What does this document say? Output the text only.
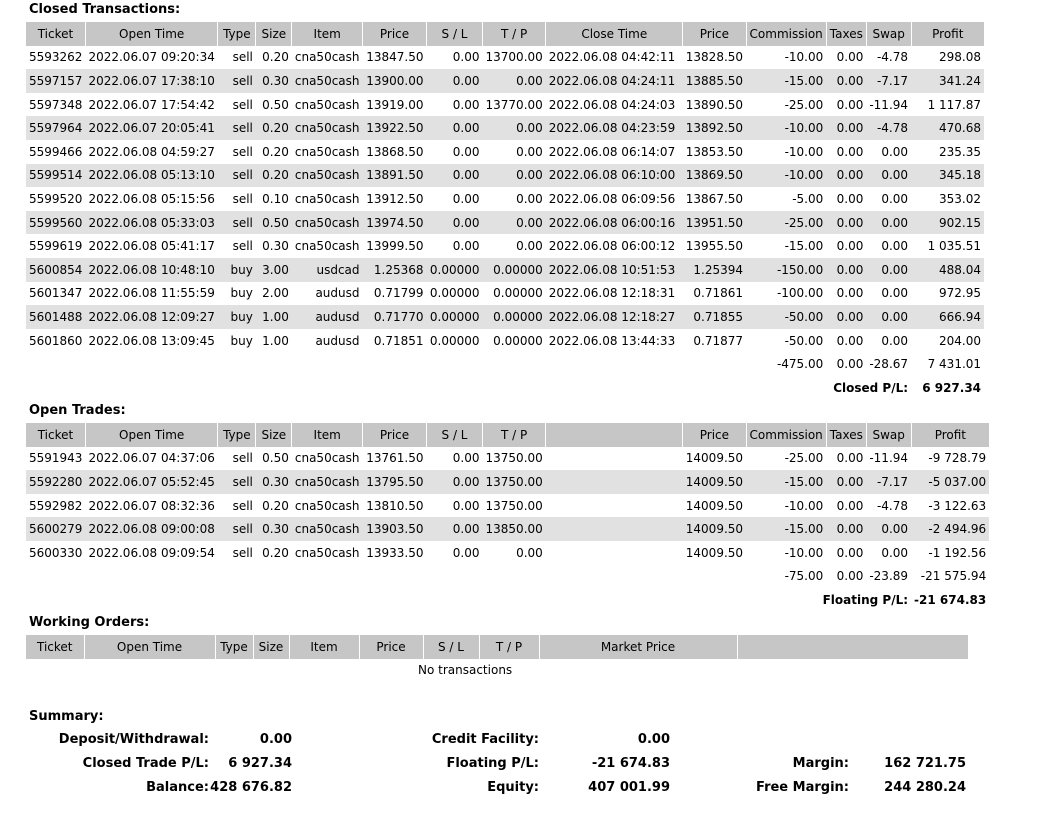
Closed Transactions:
Ticket	Open Time	Type	Size	Item	Price	S / L	T / P	Close Time	Price	Commission	Taxes	Swap	Profit
5593262	2022.06.07 09:20:34	sell	0.20	cna50cash	13847.50	0.00	13700.00	2022.06.08 04:42:11	13828.50	-10.00	0.00	-4.78	298.08
5597157	2022.06.07 17:38:10	sell	0.30	cna50cash	13900.00	0.00	0.00	2022.06.08 04:24:11	13885.50	-15.00	0.00	-7.17	341.24
5597348	2022.06.07 17:54:42	sell	0.50	cna50cash	13919.00	0.00	13770.00	2022.06.08 04:24:03	13890.50	-25.00	0.00	-11.94	1 117.87
5597964	2022.06.07 20:05:41	sell	0.20	cna50cash	13922.50	0.00	0.00	2022.06.08 04:23:59	13892.50	-10.00	0.00	-4.78	470.68
5599466	2022.06.08 04:59:27	sell	0.20	cna50cash	13868.50	0.00	0.00	2022.06.08 06:14:07	13853.50	-10.00	0.00	0.00	235.35
5599514	2022.06.08 05:13:10	sell	0.20	cna50cash	13891.50	0.00	0.00	2022.06.08 06:10:00	13869.50	-10.00	0.00	0.00	345.18
5599520	2022.06.08 05:15:56	sell	0.10	cna50cash	13912.50	0.00	0.00	2022.06.08 06:09:56	13867.50	-5.00	0.00	0.00	353.02
5599560	2022.06.08 05:33:03	sell	0.50	cna50cash	13974.50	0.00	0.00	2022.06.08 06:00:16	13951.50	-25.00	0.00	0.00	902.15
5599619	2022.06.08 05:41:17	sell	0.30	cna50cash	13999.50	0.00	0.00	2022.06.08 06:00:12	13955.50	-15.00	0.00	0.00	1 035.51
5600854	2022.06.08 10:48:10	buy	3.00	usdcad	1.25368	0.00000	0.00000	2022.06.08 10:51:53	1.25394	-150.00	0.00	0.00	488.04
5601347	2022.06.08 11:55:59	buy	2.00	audusd	0.71799	0.00000	0.00000	2022.06.08 12:18:31	0.71861	-100.00	0.00	0.00	972.95
5601488	2022.06.08 12:09:27	buy	1.00	audusd	0.71770	0.00000	0.00000	2022.06.08 12:18:27	0.71855	-50.00	0.00	0.00	666.94
5601860	2022.06.08 13:09:45	buy	1.00	audusd	0.71851	0.00000	0.00000	2022.06.08 13:44:33	0.71877	-50.00	0.00	0.00	204.00
										-475.00	0.00	-28.67	7 431.01
										Closed P/L:			6 927.34
Open Trades:
Ticket	Open Time	Type	Size	Item	Price	S / L	T / P		Price	Commission	Taxes	Swap	Profit
5591943	2022.06.07 04:37:06	sell	0.50	cna50cash	13761.50	0.00	13750.00		14009.50	-25.00	0.00	-11.94	-9 728.79
5592280	2022.06.07 05:52:45	sell	0.30	cna50cash	13795.50	0.00	13750.00		14009.50	-15.00	0.00	-7.17	-5 037.00
5592982	2022.06.07 08:32:36	sell	0.20	cna50cash	13810.50	0.00	13750.00		14009.50	-10.00	0.00	-4.78	-3 122.63
5600279	2022.06.08 09:00:08	sell	0.30	cna50cash	13903.50	0.00	13850.00		14009.50	-15.00	0.00	0.00	-2 494.96
5600330	2022.06.08 09:09:54	sell	0.20	cna50cash	13933.50	0.00	0.00		14009.50	-10.00	0.00	0.00	-1 192.56
										-75.00	0.00	-23.89	-21 575.94
										Floating P/L:			-21 674.83
Working Orders:
Ticket	Open Time	Type	Size	Item	Price	S / L	T / P	Market Price	
No transactions
Summary:
Deposit/Withdrawal:	0.00
Closed Trade P/L: 6 927.34
Balance: 428 676.82
Credit Facility:	0.00
Floating P/L:	-21 674.83
Equity:	407 001.99
Margin:	162 721.75
Free Margin:	244 280.24
